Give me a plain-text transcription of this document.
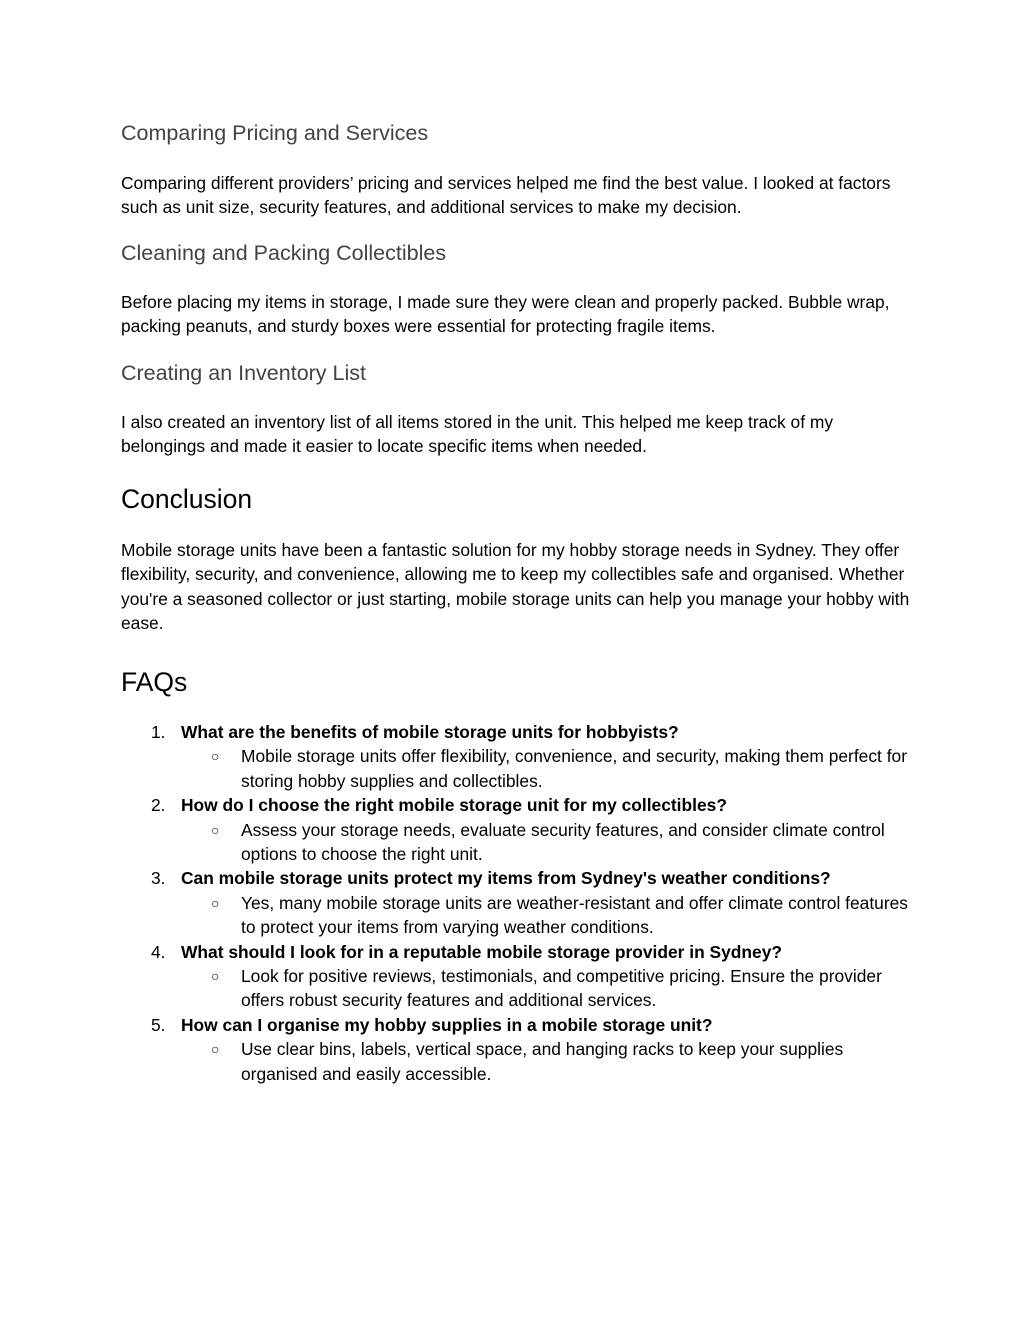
Comparing Pricing and Services

Comparing different providers’ pricing and services helped me find the best value. I looked at factors such as unit size, security features, and additional services to make my decision.

Cleaning and Packing Collectibles

Before placing my items in storage, I made sure they were clean and properly packed. Bubble wrap, packing peanuts, and sturdy boxes were essential for protecting fragile items.

Creating an Inventory List

I also created an inventory list of all items stored in the unit. This helped me keep track of my belongings and made it easier to locate specific items when needed.

Conclusion

Mobile storage units have been a fantastic solution for my hobby storage needs in Sydney. They offer flexibility, security, and convenience, allowing me to keep my collectibles safe and organised. Whether you're a seasoned collector or just starting, mobile storage units can help you manage your hobby with ease.

FAQs
1. What are the benefits of mobile storage units for hobbyists?
○ Mobile storage units offer flexibility, convenience, and security, making them perfect for storing hobby supplies and collectibles.
2. How do I choose the right mobile storage unit for my collectibles?
○ Assess your storage needs, evaluate security features, and consider climate control options to choose the right unit.
3. Can mobile storage units protect my items from Sydney's weather conditions?
○ Yes, many mobile storage units are weather-resistant and offer climate control features to protect your items from varying weather conditions.
4. What should I look for in a reputable mobile storage provider in Sydney?
○ Look for positive reviews, testimonials, and competitive pricing. Ensure the provider offers robust security features and additional services.
5. How can I organise my hobby supplies in a mobile storage unit?
○ Use clear bins, labels, vertical space, and hanging racks to keep your supplies organised and easily accessible.
